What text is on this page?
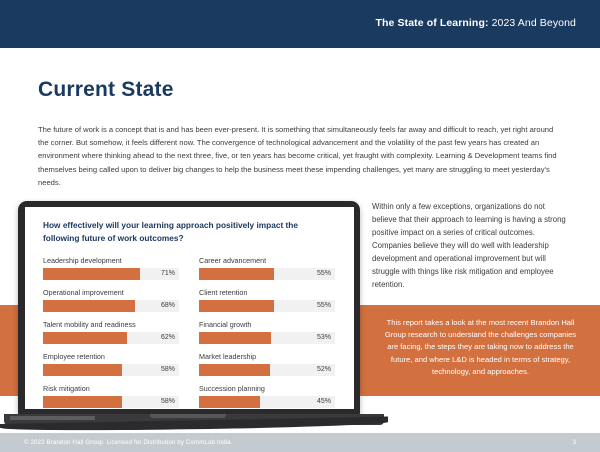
The State of Learning: 2023 And Beyond
Current State
The future of work is a concept that is and has been ever-present. It is something that simultaneously feels far away and difficult to reach, yet right around the corner. But somehow, it feels different now. The convergence of technological advancement and the volatility of the past few years has created an environment where thinking ahead to the next three, five, or ten years has become critical, yet fraught with complexity. Learning & Development teams find themselves being called upon to deliver big changes to help the business meet these impending challenges, yet many are struggling to meet yesterday's needs.
Within only a few exceptions, organizations do not believe that their approach to learning is having a strong positive impact on a series of critical outcomes. Companies believe they will do well with leadership development and operational improvement but will struggle with things like risk mitigation and employee retention.
This report takes a look at the most recent Brandon Hall Group research to understand the challenges companies are facing, the steps they are taking now to address the future, and where L&D is headed in terms of strategy, technology, and approaches.
How effectively will your learning approach positively impact the following future of work outcomes?
Leadership development
71%
Operational improvement
68%
Talent mobility and readiness
62%
Employee retention
58%
Risk mitigation
58%
Career advancement
55%
Client retention
55%
Financial growth
53%
Market leadership
52%
Succession planning
45%
© 2022 Brandon Hall Group. Licensed for Distribution by CommLab India.	3
